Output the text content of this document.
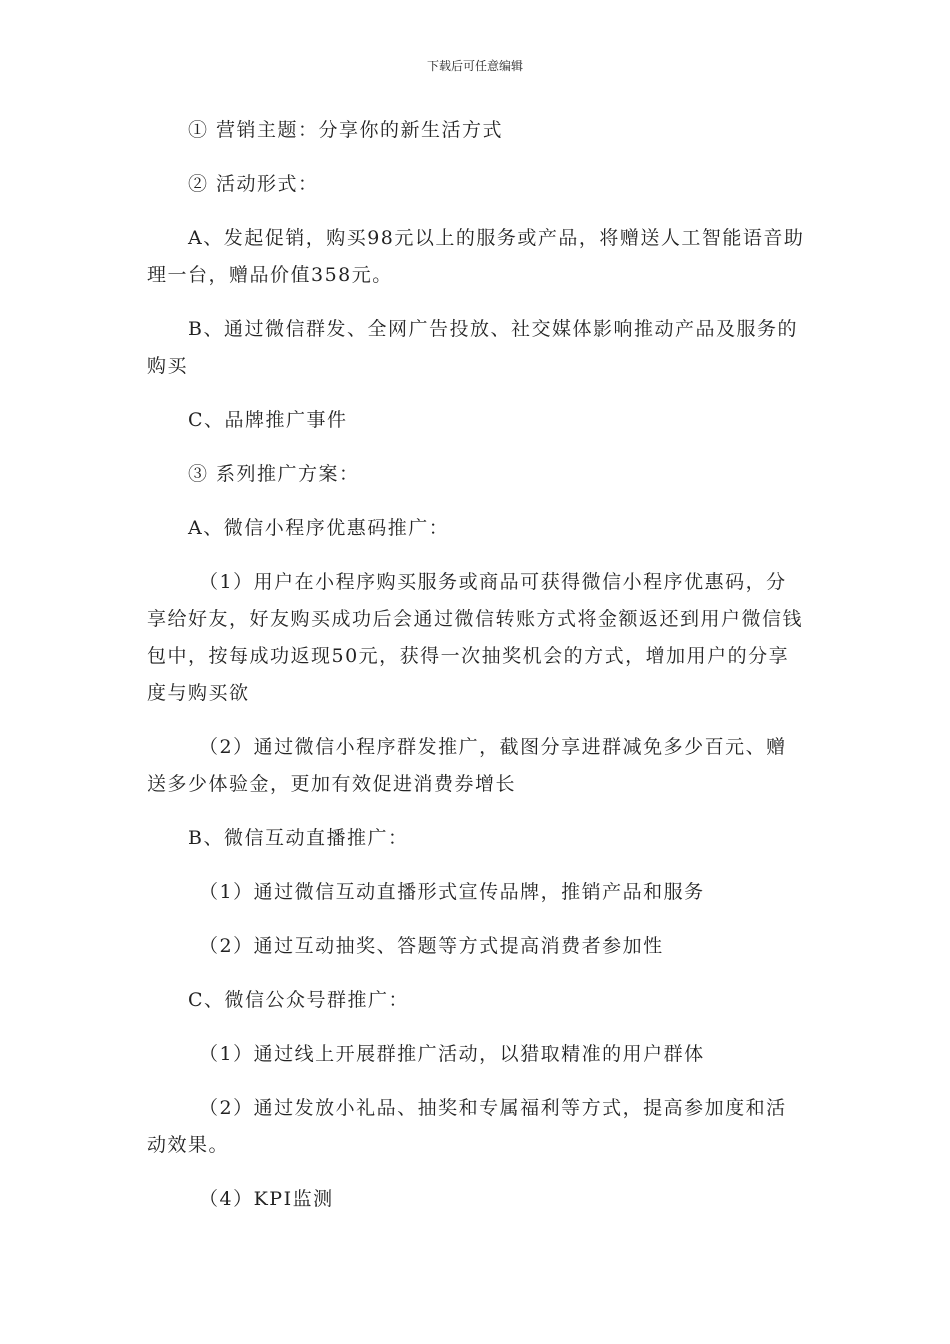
下载后可任意编辑

① 营销主题：分享你的新生活方式

② 活动形式：

A、发起促销，购买98元以上的服务或产品，将赠送人工智能语音助理一台，赠品价值358元。

B、通过微信群发、全网广告投放、社交媒体影响推动产品及服务的购买

C、品牌推广事件

③ 系列推广方案：

A、微信小程序优惠码推广：

（1）用户在小程序购买服务或商品可获得微信小程序优惠码，分享给好友，好友购买成功后会通过微信转账方式将金额返还到用户微信钱包中，按每成功返现50元，获得一次抽奖机会的方式，增加用户的分享度与购买欲

（2）通过微信小程序群发推广，截图分享进群减免多少百元、赠送多少体验金，更加有效促进消费券增长

B、微信互动直播推广：

（1）通过微信互动直播形式宣传品牌，推销产品和服务

（2）通过互动抽奖、答题等方式提高消费者参加性

C、微信公众号群推广：

（1）通过线上开展群推广活动，以猎取精准的用户群体

（2）通过发放小礼品、抽奖和专属福利等方式，提高参加度和活动效果。

（4）KPI监测
